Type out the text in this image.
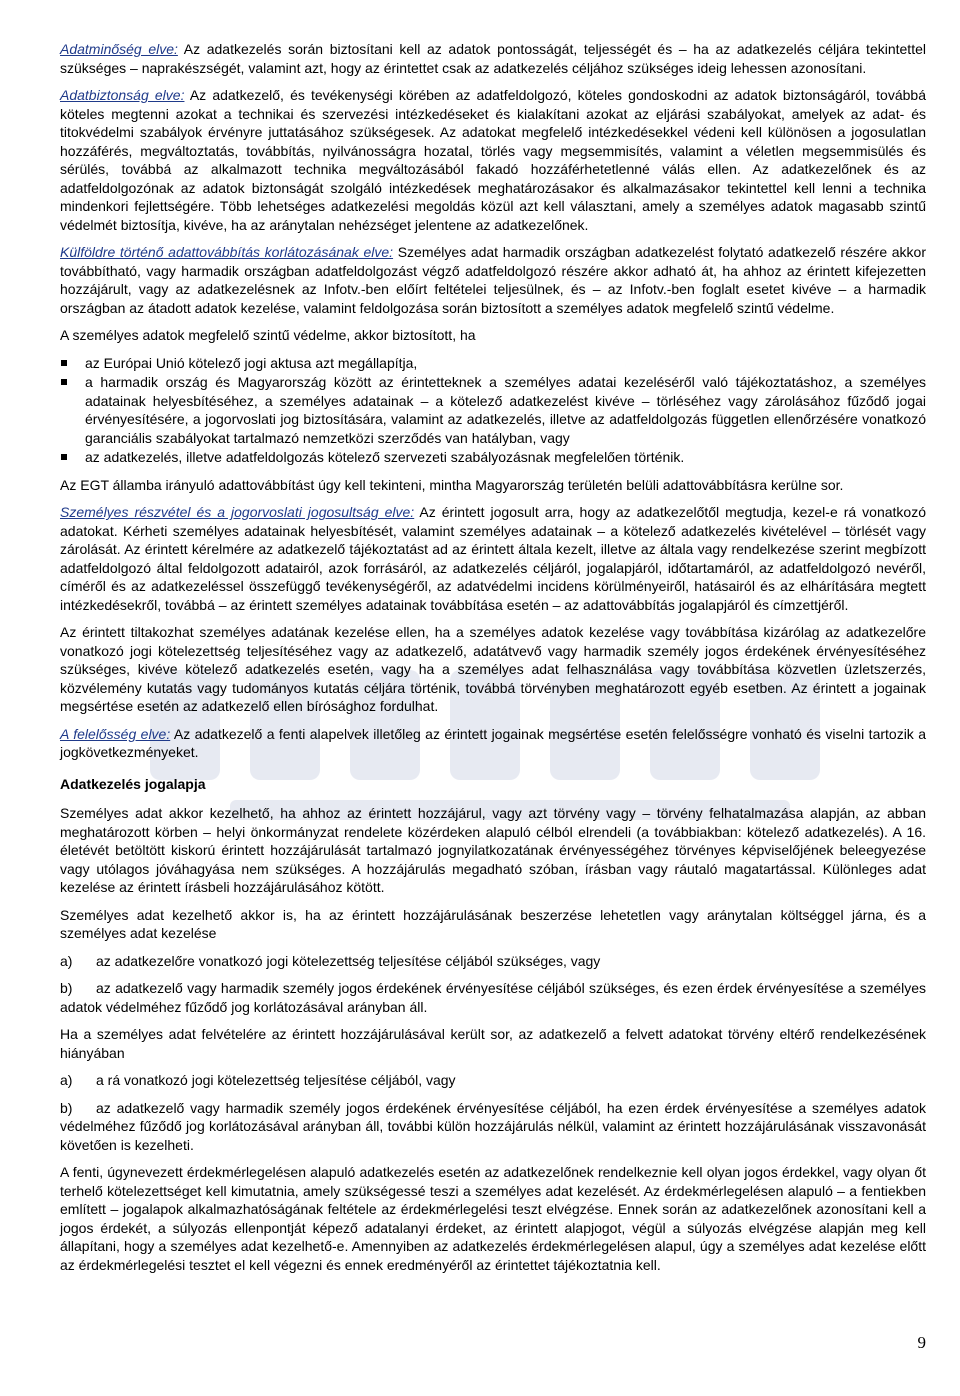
Adatminőség elve: Az adatkezelés során biztosítani kell az adatok pontosságát, teljességét és – ha az adatkezelés céljára tekintettel szükséges – naprakészségét, valamint azt, hogy az érintettet csak az adatkezelés céljához szükséges ideig lehessen azonosítani.

Adatbiztonság elve: Az adatkezelő, és tevékenységi körében az adatfeldolgozó, köteles gondoskodni az adatok biztonságáról, továbbá köteles megtenni azokat a technikai és szervezési intézkedéseket és kialakítani azokat az eljárási szabályokat, amelyek az adat- és titokvédelmi szabályok érvényre juttatásához szükségesek. Az adatokat megfelelő intézkedésekkel védeni kell különösen a jogosulatlan hozzáférés, megváltoztatás, továbbítás, nyilvánosságra hozatal, törlés vagy megsemmisítés, valamint a véletlen megsemmisülés és sérülés, továbbá az alkalmazott technika megváltozásából fakadó hozzáférhetetlenné válás ellen. Az adatkezelőnek és az adatfeldolgozónak az adatok biztonságát szolgáló intézkedések meghatározásakor és alkalmazásakor tekintettel kell lenni a technika mindenkori fejlettségére. Több lehetséges adatkezelési megoldás közül azt kell választani, amely a személyes adatok magasabb szintű védelmét biztosítja, kivéve, ha az aránytalan nehézséget jelentene az adatkezelőnek.

Külföldre történő adattovábbítás korlátozásának elve: Személyes adat harmadik országban adatkezelést folytató adatkezelő részére akkor továbbítható, vagy harmadik országban adatfeldolgozást végző adatfeldolgozó részére akkor adható át, ha ahhoz az érintett kifejezetten hozzájárult, vagy az adatkezelésnek az Infotv.-ben előírt feltételei teljesülnek, és – az Infotv.-ben foglalt esetet kivéve – a harmadik országban az átadott adatok kezelése, valamint feldolgozása során biztosított a személyes adatok megfelelő szintű védelme.

A személyes adatok megfelelő szintű védelme, akkor biztosított, ha

az Európai Unió kötelező jogi aktusa azt megállapítja,
a harmadik ország és Magyarország között az érintetteknek a személyes adatai kezeléséről való tájékoztatáshoz, a személyes adatainak helyesbítéséhez, a személyes adatainak – a kötelező adatkezelést kivéve – törléséhez vagy zárolásához fűződő jogai érvényesítésére, a jogorvoslati jog biztosítására, valamint az adatkezelés, illetve az adatfeldolgozás független ellenőrzésére vonatkozó garanciális szabályokat tartalmazó nemzetközi szerződés van hatályban, vagy
az adatkezelés, illetve adatfeldolgozás kötelező szervezeti szabályozásnak megfelelően történik.

Az EGT államba irányuló adattovábbítást úgy kell tekinteni, mintha Magyarország területén belüli adattovábbításra kerülne sor.

Személyes részvétel és a jogorvoslati jogosultság elve: Az érintett jogosult arra, hogy az adatkezelőtől megtudja, kezel-e rá vonatkozó adatokat. Kérheti személyes adatainak helyesbítését, valamint személyes adatainak – a kötelező adatkezelés kivételével – törlését vagy zárolását. Az érintett kérelmére az adatkezelő tájékoztatást ad az érintett általa kezelt, illetve az általa vagy rendelkezése szerint megbízott adatfeldolgozó által feldolgozott adatairól, azok forrásáról, az adatkezelés céljáról, jogalapjáról, időtartamáról, az adatfeldolgozó nevéről, címéről és az adatkezeléssel összefüggő tevékenységéről, az adatvédelmi incidens körülményeiről, hatásairól és az elhárítására megtett intézkedésekről, továbbá – az érintett személyes adatainak továbbítása esetén – az adattovábbítás jogalapjáról és címzettjéről.

Az érintett tiltakozhat személyes adatának kezelése ellen, ha a személyes adatok kezelése vagy továbbítása kizárólag az adatkezelőre vonatkozó jogi kötelezettség teljesítéséhez vagy az adatkezelő, adatátvevő vagy harmadik személy jogos érdekének érvényesítéséhez szükséges, kivéve kötelező adatkezelés esetén, vagy ha a személyes adat felhasználása vagy továbbítása közvetlen üzletszerzés, közvélemény kutatás vagy tudományos kutatás céljára történik, továbbá törvényben meghatározott egyéb esetben. Az érintett a jogainak megsértése esetén az adatkezelő ellen bírósághoz fordulhat.

A felelősség elve: Az adatkezelő a fenti alapelvek illetőleg az érintett jogainak megsértése esetén felelősségre vonható és viselni tartozik a jogkövetkezményeket.

Adatkezelés jogalapja

Személyes adat akkor kezelhető, ha ahhoz az érintett hozzájárul, vagy azt törvény vagy – törvény felhatalmazása alapján, az abban meghatározott körben – helyi önkormányzat rendelete közérdeken alapuló célból elrendeli (a továbbiakban: kötelező adatkezelés). A 16. életévét betöltött kiskorú érintett hozzájárulását tartalmazó jognyilatkozatának érvényességéhez törvényes képviselőjének beleegyezése vagy utólagos jóváhagyása nem szükséges. A hozzájárulás megadható szóban, írásban vagy ráutaló magatartással. Különleges adat kezelése az érintett írásbeli hozzájárulásához kötött.

Személyes adat kezelhető akkor is, ha az érintett hozzájárulásának beszerzése lehetetlen vagy aránytalan költséggel járna, és a személyes adat kezelése

a) az adatkezelőre vonatkozó jogi kötelezettség teljesítése céljából szükséges, vagy
b) az adatkezelő vagy harmadik személy jogos érdekének érvényesítése céljából szükséges, és ezen érdek érvényesítése a személyes adatok védelméhez fűződő jog korlátozásával arányban áll.

Ha a személyes adat felvételére az érintett hozzájárulásával került sor, az adatkezelő a felvett adatokat törvény eltérő rendelkezésének hiányában

a) a rá vonatkozó jogi kötelezettség teljesítése céljából, vagy
b) az adatkezelő vagy harmadik személy jogos érdekének érvényesítése céljából, ha ezen érdek érvényesítése a személyes adatok védelméhez fűződő jog korlátozásával arányban áll, további külön hozzájárulás nélkül, valamint az érintett hozzájárulásának visszavonását követően is kezelheti.

A fenti, úgynevezett érdekmérlegelésen alapuló adatkezelés esetén az adatkezelőnek rendelkeznie kell olyan jogos érdekkel, vagy olyan őt terhelő kötelezettséget kell kimutatnia, amely szükségessé teszi a személyes adat kezelését. Az érdekmérlegelésen alapuló – a fentiekben említett – jogalapok alkalmazhatóságának feltétele az érdekmérlegelési teszt elvégzése. Ennek során az adatkezelőnek azonosítani kell a jogos érdekét, a súlyozás ellenpontját képező adatalanyi érdeket, az érintett alapjogot, végül a súlyozás elvégzése alapján meg kell állapítani, hogy a személyes adat kezelhető-e. Amennyiben az adatkezelés érdekmérlegelésen alapul, úgy a személyes adat kezelése előtt az érdekmérlegelési tesztet el kell végezni és ennek eredményéről az érintettet tájékoztatnia kell.

9
